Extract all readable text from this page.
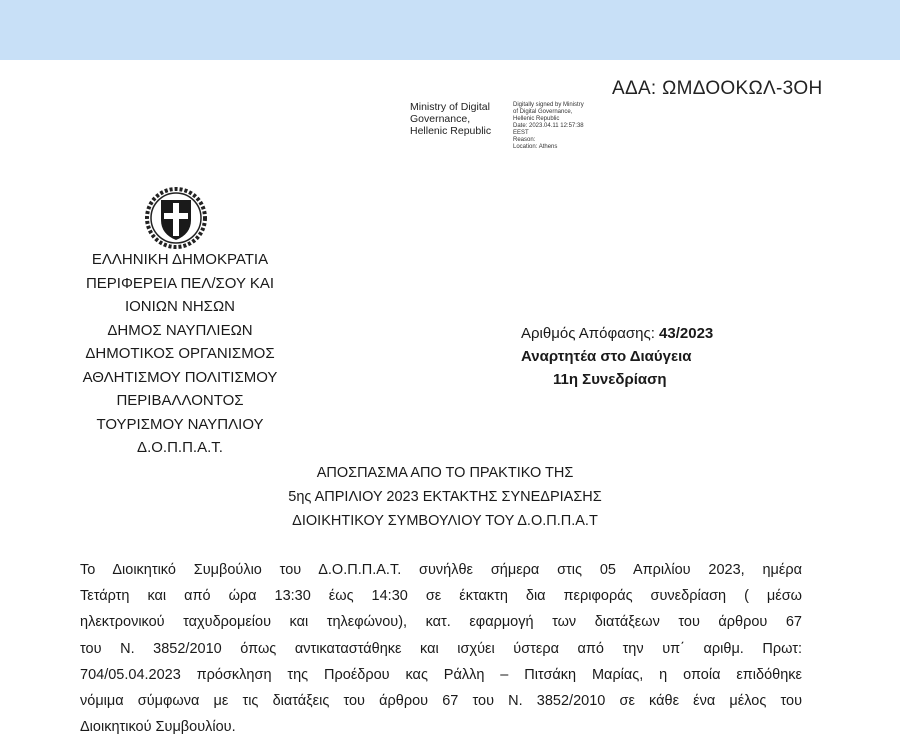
ΑΔΑ: ΩΜΔΟΟΚΩΛ-3ΟΗ
Ministry of Digital
Governance,
Hellenic Republic
Digitally signed by Ministry
of Digital Governance,
Hellenic Republic
Date: 2023.04.11 12:57:38
EEST
Reason:
Location: Athens
ΕΛΛΗΝΙΚΗ ΔΗΜΟΚΡΑΤΙΑ
ΠΕΡΙΦΕΡΕΙΑ ΠΕΛ/ΣΟΥ ΚΑΙ
ΙΟΝΙΩΝ ΝΗΣΩΝ
ΔΗΜΟΣ ΝΑΥΠΛΙΕΩΝ
ΔΗΜΟΤΙΚΟΣ ΟΡΓΑΝΙΣΜΟΣ
ΑΘΛΗΤΙΣΜΟΥ ΠΟΛΙΤΙΣΜΟΥ
ΠΕΡΙΒΑΛΛΟΝΤΟΣ
ΤΟΥΡΙΣΜΟΥ ΝΑΥΠΛΙΟΥ
Δ.Ο.Π.Π.Α.Τ.
Αριθμός Απόφασης: 43/2023
Αναρτητέα στο Διαύγεια
11η Συνεδρίαση
ΑΠΟΣΠΑΣΜΑ ΑΠΟ ΤΟ ΠΡΑΚΤΙΚΟ ΤΗΣ
5ης ΑΠΡΙΛΙΟΥ 2023 ΕΚΤΑΚΤΗΣ ΣΥΝΕΔΡΙΑΣΗΣ
ΔΙΟΙΚΗΤΙΚΟΥ ΣΥΜΒΟΥΛΙΟΥ ΤΟΥ Δ.Ο.Π.Π.Α.Τ
Το Διοικητικό Συμβούλιο του Δ.Ο.Π.Π.Α.Τ. συνήλθε σήμερα στις 05 Απριλίου 2023, ημέρα
Τετάρτη και από ώρα 13:30 έως 14:30 σε έκτακτη δια περιφοράς συνεδρίαση ( μέσω
ηλεκτρονικού ταχυδρομείου και τηλεφώνου), κατ. εφαρμογή των διατάξεων του άρθρου 67
του Ν. 3852/2010 όπως αντικαταστάθηκε και ισχύει ύστερα από την υπ΄ αριθμ. Πρωτ:
704/05.04.2023 πρόσκληση της Προέδρου κας Ράλλη – Πιτσάκη Μαρίας, η οποία επιδόθηκε
νόμιμα σύμφωνα με τις διατάξεις του άρθρου 67 του Ν. 3852/2010 σε κάθε ένα μέλος του
Διοικητικού Συμβουλίου.
